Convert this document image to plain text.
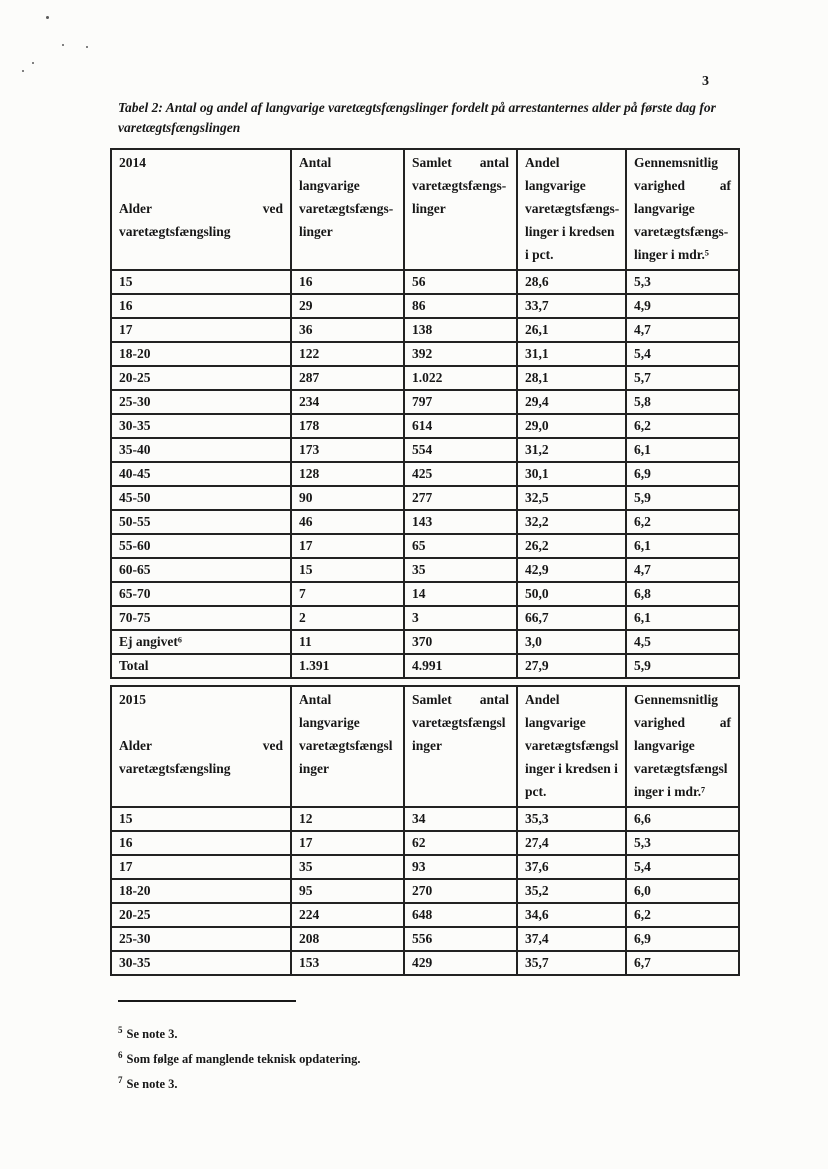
3
Tabel 2: Antal og andel af langvarige varetægtsfængslinger fordelt på arrestanternes alder på første dag for varetægtsfængslingen
2014
Alder	ved
varetægtsfængsling

Antal
langvarige
varetægtsfængs-
linger

Samlet antal
varetægtsfængs-
linger

Andel
langvarige
varetægtsfængs-
linger i kredsen
i pct.

Gennemsnitlig
varighed	af
langvarige
varetægtsfængs-
linger i mdr.⁵

15	16	56	28,6	5,3
16	29	86	33,7	4,9
17	36	138	26,1	4,7
18-20	122	392	31,1	5,4
20-25	287	1.022	28,1	5,7
25-30	234	797	29,4	5,8
30-35	178	614	29,0	6,2
35-40	173	554	31,2	6,1
40-45	128	425	30,1	6,9
45-50	90	277	32,5	5,9
50-55	46	143	32,2	6,2
55-60	17	65	26,2	6,1
60-65	15	35	42,9	4,7
65-70	7	14	50,0	6,8
70-75	2	3	66,7	6,1
Ej angivet⁶	11	370	3,0	4,5
Total	1.391	4.991	27,9	5,9
2015
Alder	ved
varetægtsfængsling

Antal
langvarige
varetægtsfængsl
inger

Samlet antal
varetægtsfængsl
inger

Andel
langvarige
varetægtsfængsl
inger i kredsen i
pct.

Gennemsnitlig
varighed	af
langvarige
varetægtsfængsl
inger i mdr.⁷

15	12	34	35,3	6,6
16	17	62	27,4	5,3
17	35	93	37,6	5,4
18-20	95	270	35,2	6,0
20-25	224	648	34,6	6,2
25-30	208	556	37,4	6,9
30-35	153	429	35,7	6,7
$^5$ Se note 3.
$^6$ Som følge af manglende teknisk opdatering.
$^7$ Se note 3.
